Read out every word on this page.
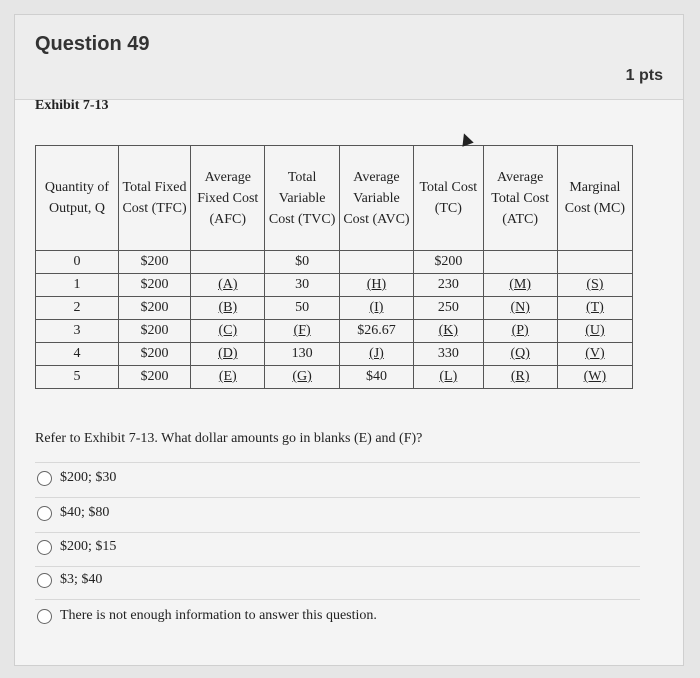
Question 49
1 pts
Exhibit 7-13
Quantity of Output, Q	Total Fixed Cost (TFC)	Average Fixed Cost (AFC)	Total Variable Cost (TVC)	Average Variable Cost (AVC)	Total Cost (TC)	Average Total Cost (ATC)	Marginal Cost (MC)
0	$200		$0		$200		
1	$200	(A)	30	(H)	230	(M)	(S)
2	$200	(B)	50	(I)	250	(N)	(T)
3	$200	(C)	(F)	$26.67	(K)	(P)	(U)
4	$200	(D)	130	(J)	330	(Q)	(V)
5	$200	(E)	(G)	$40	(L)	(R)	(W)
Refer to Exhibit 7-13. What dollar amounts go in blanks (E) and (F)?
$200; $30
$40; $80
$200; $15
$3; $40
There is not enough information to answer this question.
